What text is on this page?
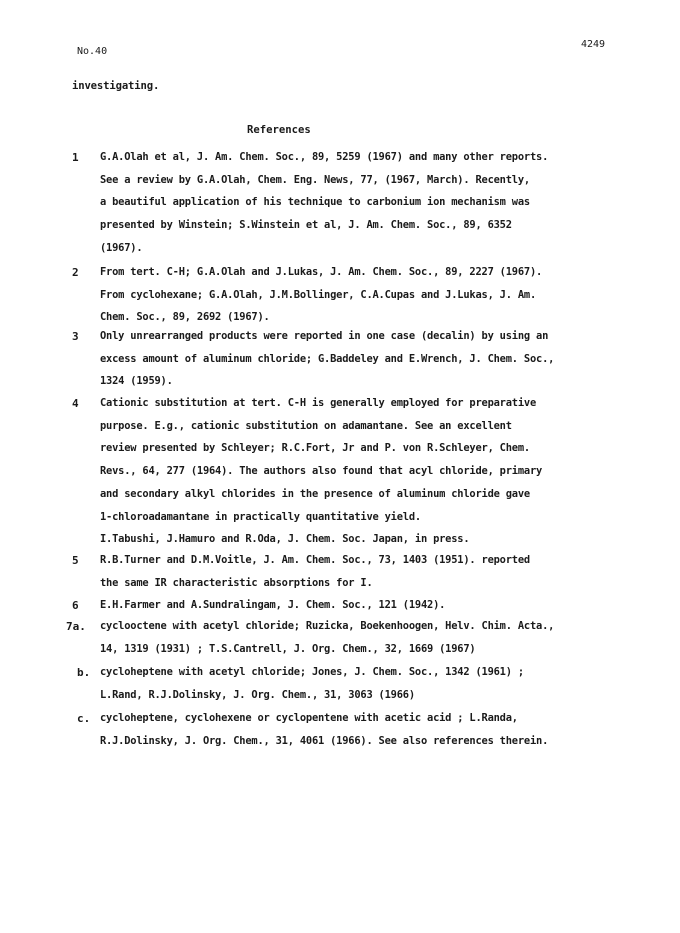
No.40
4249
investigating.
References
1 G.A.Olah et al, J. Am. Chem. Soc., 89, 5259 (1967) and many other reports.
See a review by G.A.Olah, Chem. Eng. News, 77, (1967, March). Recently,
a beautiful application of his technique to carbonium ion mechanism was
presented by Winstein; S.Winstein et al, J. Am. Chem. Soc., 89, 6352
(1967).
2 From tert. C-H; G.A.Olah and J.Lukas, J. Am. Chem. Soc., 89, 2227 (1967).
From cyclohexane; G.A.Olah, J.M.Bollinger, C.A.Cupas and J.Lukas, J. Am.
Chem. Soc., 89, 2692 (1967).
3 Only unrearranged products were reported in one case (decalin) by using an
excess amount of aluminum chloride; G.Baddeley and E.Wrench, J. Chem. Soc.,
1324 (1959).
4 Cationic substitution at tert. C-H is generally employed for preparative
purpose. E.g., cationic substitution on adamantane. See an excellent
review presented by Schleyer; R.C.Fort, Jr and P. von R.Schleyer, Chem.
Revs., 64, 277 (1964). The authors also found that acyl chloride, primary
and secondary alkyl chlorides in the presence of aluminum chloride gave
1-chloroadamantane in practically quantitative yield.
I.Tabushi, J.Hamuro and R.Oda, J. Chem. Soc. Japan, in press.
5 R.B.Turner and D.M.Voitle, J. Am. Chem. Soc., 73, 1403 (1951). reported
the same IR characteristic absorptions for I.
6 E.H.Farmer and A.Sundralingam, J. Chem. Soc., 121 (1942).
7a. cyclooctene with acetyl chloride; Ruzicka, Boekenhoogen, Helv. Chim. Acta.,
14, 1319 (1931) ; T.S.Cantrell, J. Org. Chem., 32, 1669 (1967)
b. cycloheptene with acetyl chloride; Jones, J. Chem. Soc., 1342 (1961) ;
L.Rand, R.J.Dolinsky, J. Org. Chem., 31, 3063 (1966)
c. cycloheptene, cyclohexene or cyclopentene with acetic acid ; L.Randa,
R.J.Dolinsky, J. Org. Chem., 31, 4061 (1966). See also references therein.
